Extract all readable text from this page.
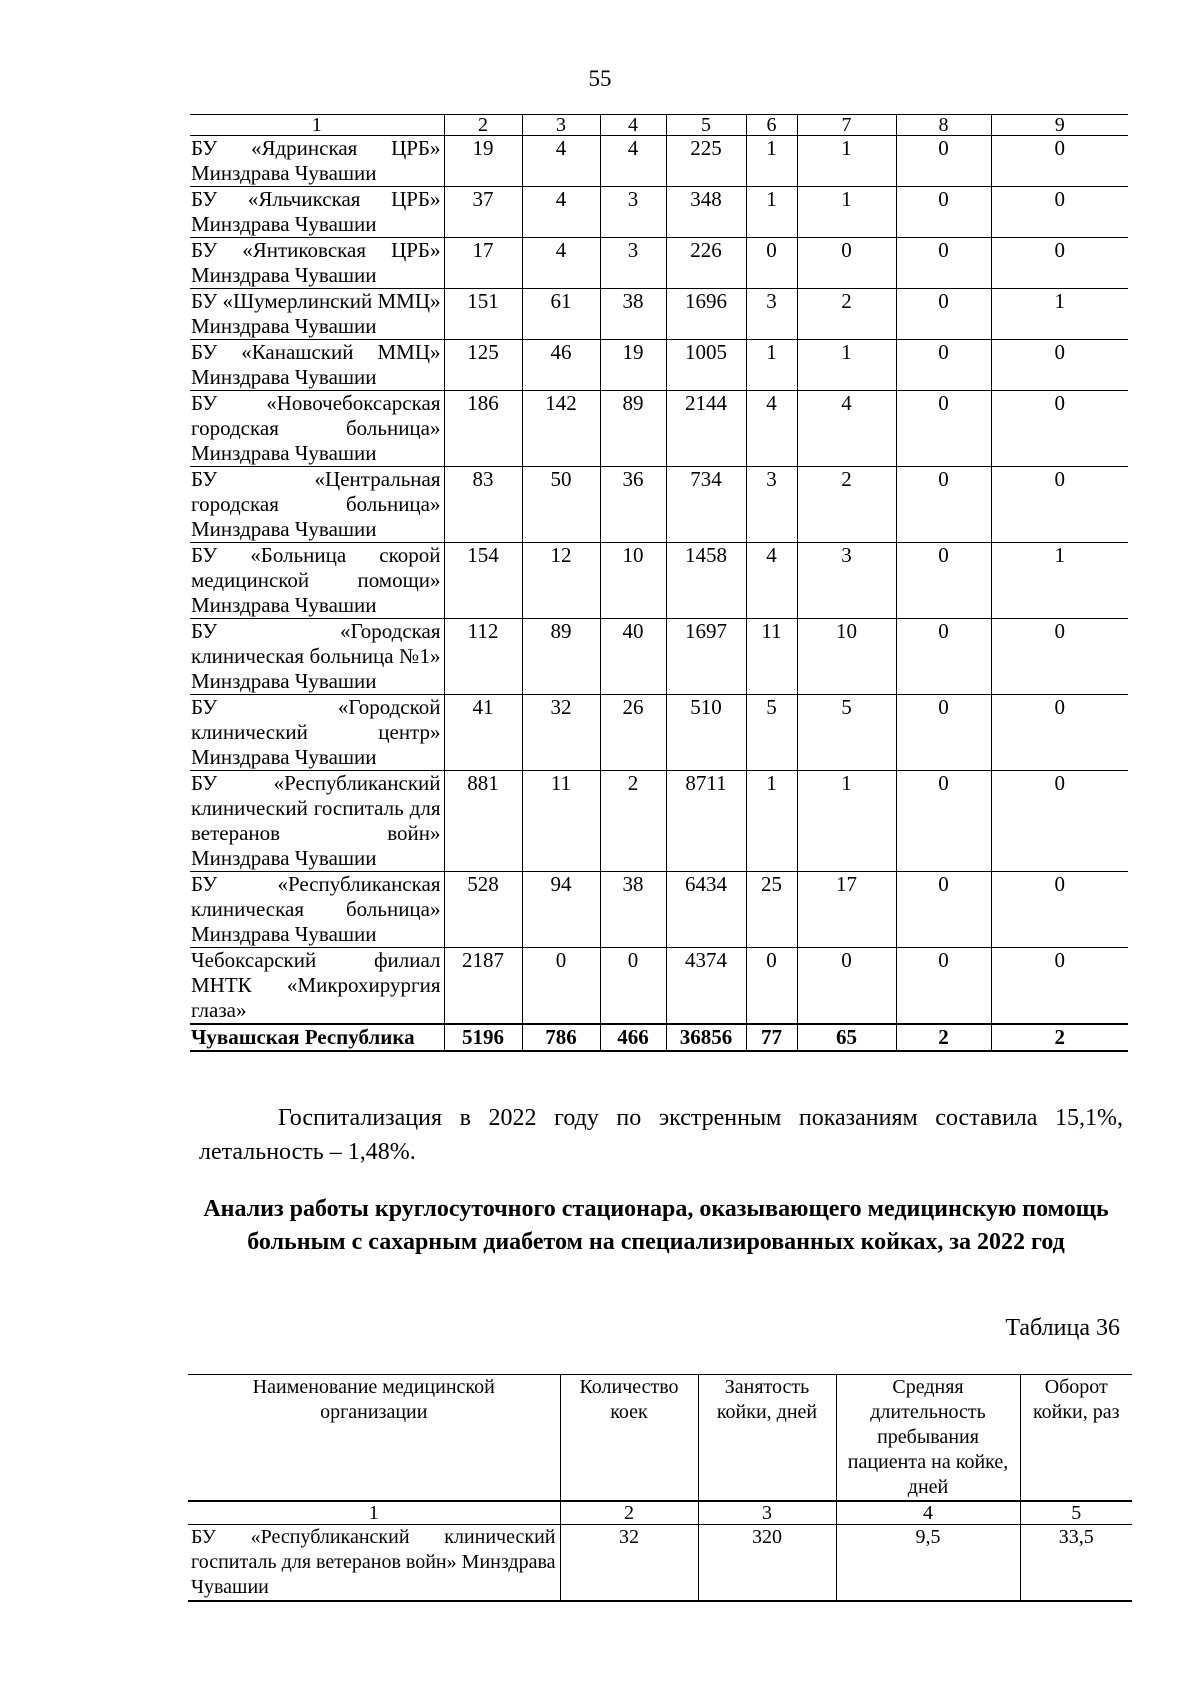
55
1	2	3	4	5	6	7	8	9
БУ «Ядринская ЦРБ» Минздрава Чувашии	19	4	4	225	1	1	0	0
БУ «Яльчикская ЦРБ» Минздрава Чувашии	37	4	3	348	1	1	0	0
БУ «Янтиковская ЦРБ» Минздрава Чувашии	17	4	3	226	0	0	0	0
БУ «Шумерлинский ММЦ» Минздрава Чувашии	151	61	38	1696	3	2	0	1
БУ «Канашский ММЦ» Минздрава Чувашии	125	46	19	1005	1	1	0	0
БУ «Новочебоксарская городская больница» Минздрава Чувашии	186	142	89	2144	4	4	0	0
БУ «Центральная городская больница» Минздрава Чувашии	83	50	36	734	3	2	0	0
БУ «Больница скорой медицинской помощи» Минздрава Чувашии	154	12	10	1458	4	3	0	1
БУ «Городская клиническая больница №1» Минздрава Чувашии	112	89	40	1697	11	10	0	0
БУ «Городской клинический центр» Минздрава Чувашии	41	32	26	510	5	5	0	0
БУ «Республиканский клинический госпиталь для ветеранов войн» Минздрава Чувашии	881	11	2	8711	1	1	0	0
БУ «Республиканская клиническая больница» Минздрава Чувашии	528	94	38	6434	25	17	0	0
Чебоксарский филиал МНТК «Микрохирургия глаза»	2187	0	0	4374	0	0	0	0
Чувашская Республика	5196	786	466	36856	77	65	2	2
Госпитализация в 2022 году по экстренным показаниям составила 15,1%, летальность – 1,48%.
Анализ работы круглосуточного стационара, оказывающего медицинскую помощь больным с сахарным диабетом на специализированных койках, за 2022 год
Таблица 36
Наименование медицинской организации	Количество коек	Занятость койки, дней	Средняя длительность пребывания пациента на койке, дней	Оборот койки, раз
1	2	3	4	5
БУ «Республиканский клинический госпиталь для ветеранов войн» Минздрава Чувашии	32	320	9,5	33,5
